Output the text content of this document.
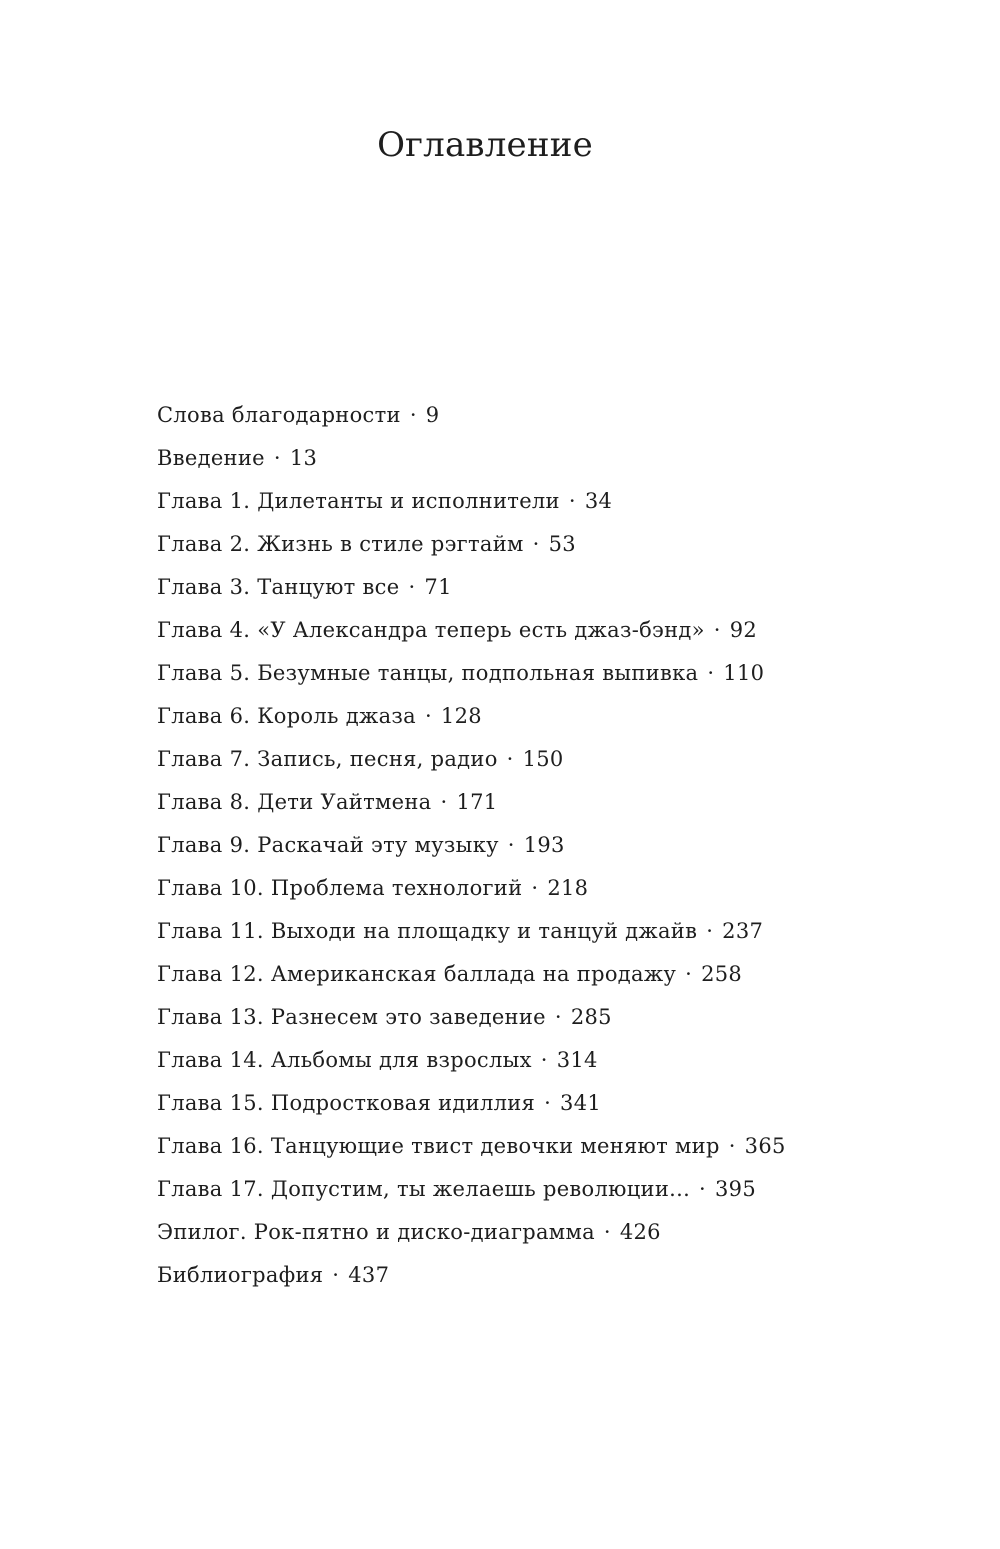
Оглавление
Слова благодарности · 9
Введение · 13
Глава 1. Дилетанты и исполнители · 34
Глава 2. Жизнь в стиле рэгтайм · 53
Глава 3. Танцуют все · 71
Глава 4. «У Александра теперь есть джаз-бэнд» · 92
Глава 5. Безумные танцы, подпольная выпивка · 110
Глава 6. Король джаза · 128
Глава 7. Запись, песня, радио · 150
Глава 8. Дети Уайтмена · 171
Глава 9. Раскачай эту музыку · 193
Глава 10. Проблема технологий · 218
Глава 11. Выходи на площадку и танцуй джайв · 237
Глава 12. Американская баллада на продажу · 258
Глава 13. Разнесем это заведение · 285
Глава 14. Альбомы для взрослых · 314
Глава 15. Подростковая идиллия · 341
Глава 16. Танцующие твист девочки меняют мир · 365
Глава 17. Допустим, ты желаешь революции... · 395
Эпилог. Рок-пятно и диско-диаграмма · 426
Библиография · 437
